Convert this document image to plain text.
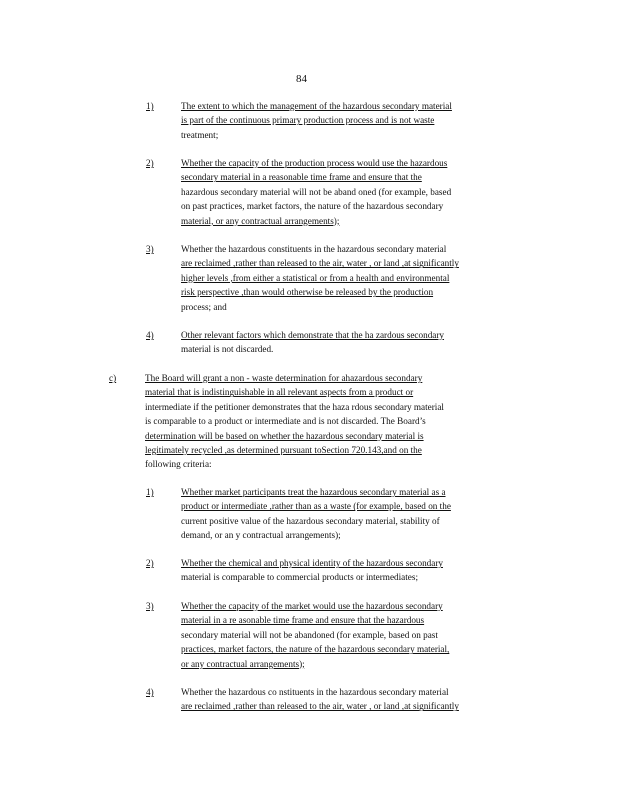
84
1)	The extent to which the management of the hazardous secondary material
is part of the continuous primary production process and is not waste
treatment;
2)	Whether the capacity of the production process would use the hazardous
secondary material in a reasonable time frame and ensure that the
hazardous secondary material will not be aband oned (for example, based
on past practices, market factors, the nature of the hazardous secondary
material, or any contractual arrangements);
3)	Whether the hazardous constituents in the hazardous secondary material
are reclaimed ,rather than released to the air, water , or land ,at significantly
higher levels ,from either a statistical or from a health and environmental
risk perspective ,than would otherwise be released by the production
process; and
4)	Other relevant factors which demonstrate that the ha zardous secondary
material is not discarded.
c)	The Board will grant a non - waste determination for ahazardous secondary
material that is indistinguishable in all relevant aspects from a product or
intermediate if the petitioner demonstrates that the haza rdous secondary material
is comparable to a product or intermediate and is not discarded. The Board’s
determination will be based on whether the hazardous secondary material is
legitimately recycled ,as determined pursuant toSection 720.143,and on the
following criteria:
1)	Whether market participants treat the hazardous secondary material as a
product or intermediate ,rather than as a waste (for example, based on the
current positive value of the hazardous secondary material, stability of
demand, or an y contractual arrangements);
2)	Whether the chemical and physical identity of the hazardous secondary
material is comparable to commercial products or intermediates;
3)	Whether the capacity of the market would use the hazardous secondary
material in a re asonable time frame and ensure that the hazardous
secondary material will not be abandoned (for example, based on past
practices, market factors, the nature of the hazardous secondary material,
or any contractual arrangements);
4)	Whether the hazardous co nstituents in the hazardous secondary material
are reclaimed ,rather than released to the air, water , or land ,at significantly
